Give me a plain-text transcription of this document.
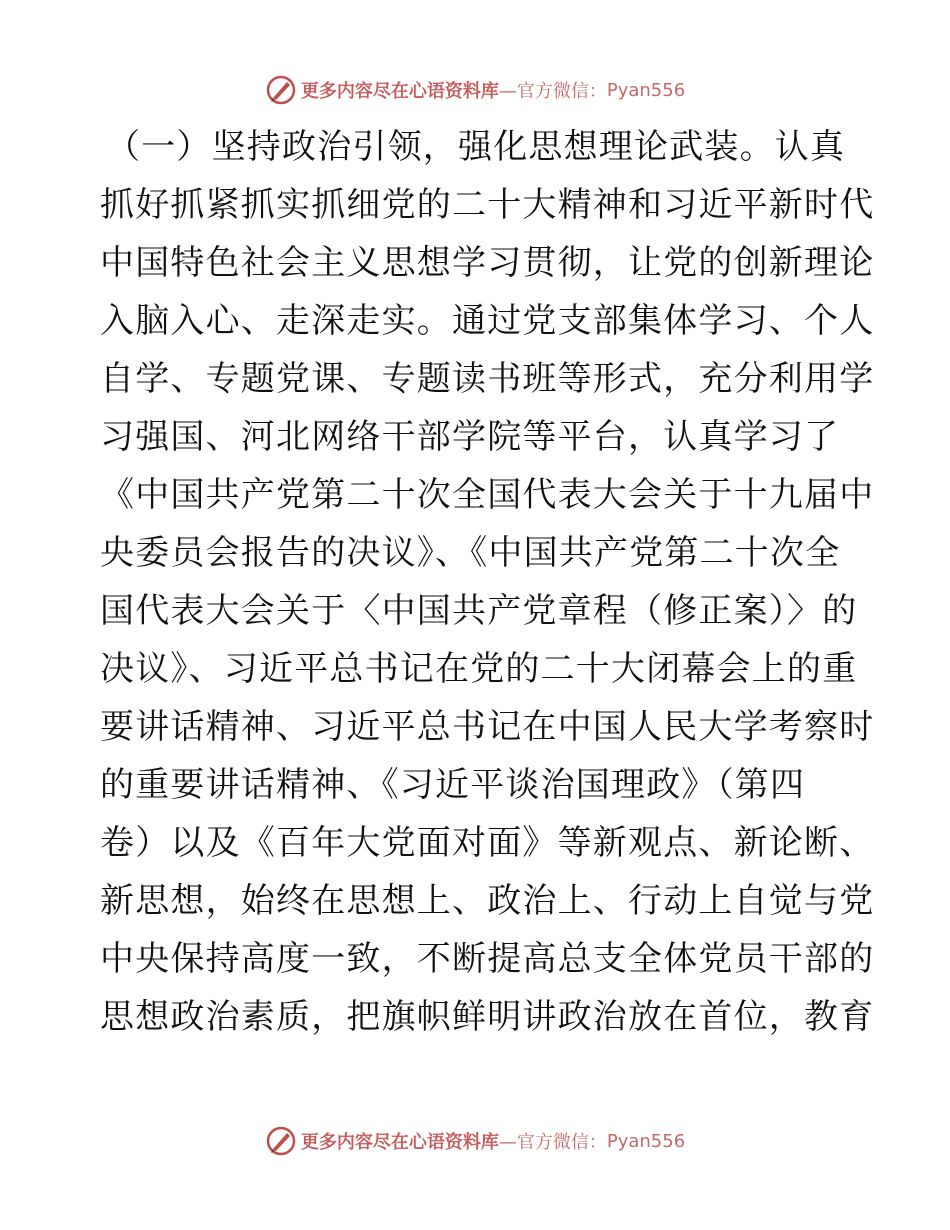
更多内容尽在心语资料库 —官方微信： Pyan556
（一）坚持政治引领，强化思想理论武装。认真
抓好抓紧抓实抓细党的二十大精神和习近平新时代
中国特色社会主义思想学习贯彻，让党的创新理论
入脑入心、走深走实。通过党支部集体学习、个人
自学、专题党课、专题读书班等形式，充分利用学
习强国、河北网络干部学院等平台，认真学习了
《中国共产党第二十次全国代表大会关于十九届中
央委员会报告的决议》、《中国共产党第二十次全
国代表大会关于〈中国共产党章程（修正案）〉的
决议》、习近平总书记在党的二十大闭幕会上的重
要讲话精神、习近平总书记在中国人民大学考察时
的重要讲话精神、《习近平谈治国理政》（第四
卷）以及《百年大党面对面》等新观点、新论断、
新思想，始终在思想上、政治上、行动上自觉与党
中央保持高度一致，不断提高总支全体党员干部的
思想政治素质，把旗帜鲜明讲政治放在首位，教育
更多内容尽在心语资料库 —官方微信： Pyan556
